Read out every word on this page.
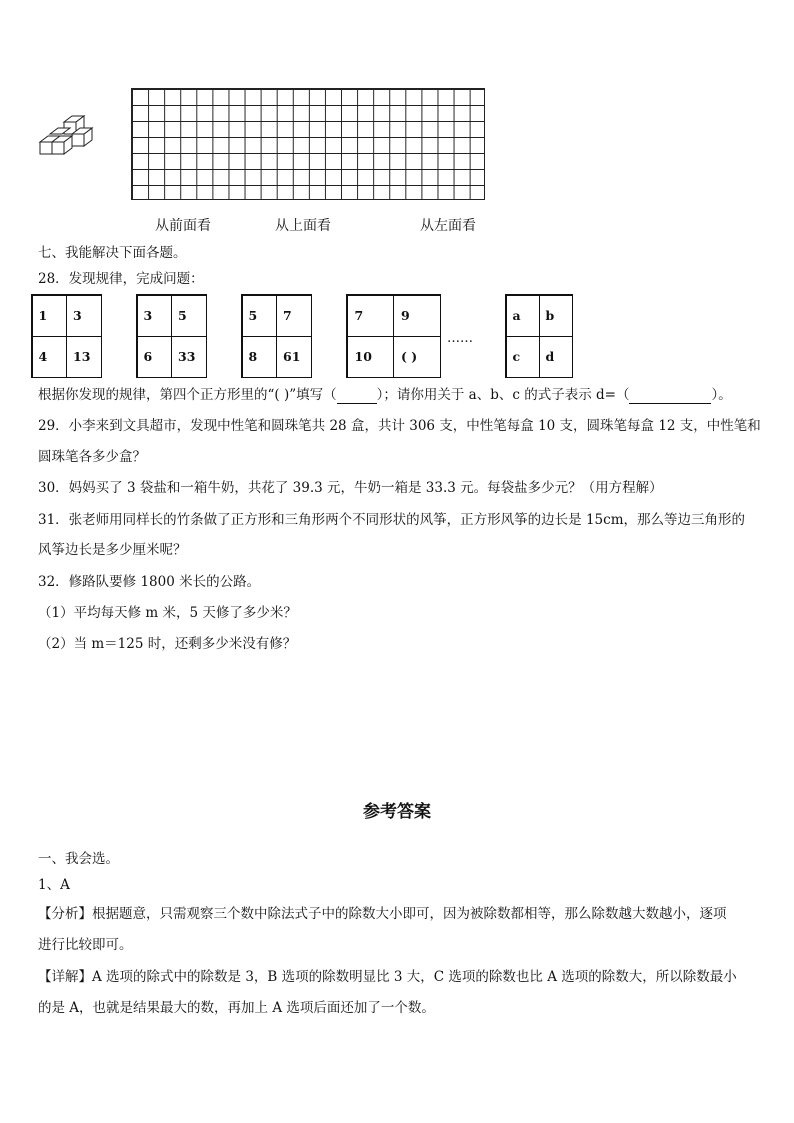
从前面看	从上面看	从左面看
七、我能解决下面各题。
28．发现规律，完成问题：
1	3
4	13
3	5
6	33
5	7
8	61
7	9
10	( )
……
a	b
c	d
根据你发现的规律，第四个正方形里的“( )”填写（	）；请你用关于 a、b、c 的式子表示 d=（	）。
29．小李来到文具超市，发现中性笔和圆珠笔共 28 盒，共计 306 支，中性笔每盒 10 支，圆珠笔每盒 12 支，中性笔和
圆珠笔各多少盒？
30．妈妈买了 3 袋盐和一箱牛奶，共花了 39.3 元，牛奶一箱是 33.3 元。每袋盐多少元？（用方程解）
31．张老师用同样长的竹条做了正方形和三角形两个不同形状的风筝，正方形风筝的边长是 15cm，那么等边三角形的
风筝边长是多少厘米呢？
32．修路队要修 1800 米长的公路。
（1）平均每天修 m 米，5 天修了多少米？
（2）当 m＝125 时，还剩多少米没有修？
参考答案
一、我会选。
1、A
【分析】根据题意，只需观察三个数中除法式子中的除数大小即可，因为被除数都相等，那么除数越大数越小，逐项
进行比较即可。
【详解】A 选项的除式中的除数是 3，B 选项的除数明显比 3 大，C 选项的除数也比 A 选项的除数大，所以除数最小
的是 A，也就是结果最大的数，再加上 A 选项后面还加了一个数。
